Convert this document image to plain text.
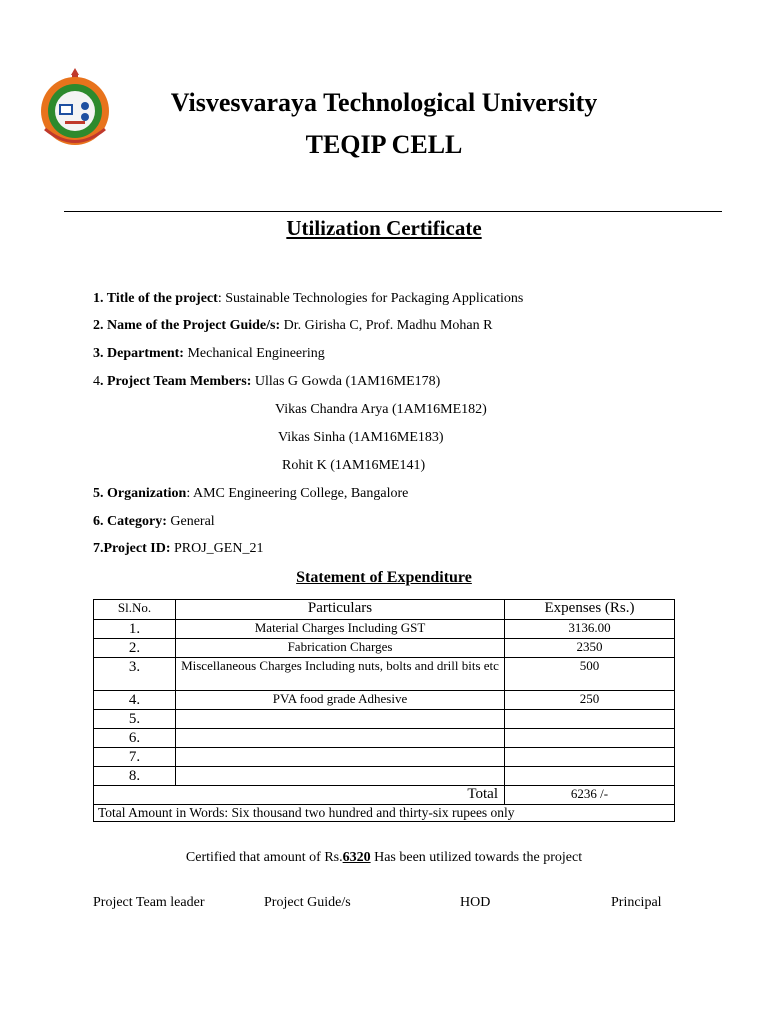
Visvesvaraya Technological University
TEQIP CELL
Utilization Certificate
1. Title of the project: Sustainable Technologies for Packaging Applications
2. Name of the Project Guide/s: Dr. Girisha C, Prof. Madhu Mohan R
3. Department: Mechanical Engineering
4. Project Team Members: Ullas G Gowda (1AM16ME178)
Vikas Chandra Arya (1AM16ME182)
Vikas Sinha (1AM16ME183)
Rohit K (1AM16ME141)
5. Organization: AMC Engineering College, Bangalore
6. Category: General
7.Project ID: PROJ_GEN_21
Statement of Expenditure
Sl.No.	Particulars	Expenses (Rs.)
1.	Material Charges Including GST	3136.00
2.	Fabrication Charges	2350
3.	Miscellaneous Charges Including nuts, bolts and drill bits etc	500
4.	PVA food grade Adhesive	250
5.		
6.		
7.		
8.		
Total		6236 /-
Total Amount in Words: Six thousand two hundred and thirty-six rupees only		
Certified that amount of Rs.6320 Has been utilized towards the project
Project Team leader	Project Guide/s	HOD	Principal
